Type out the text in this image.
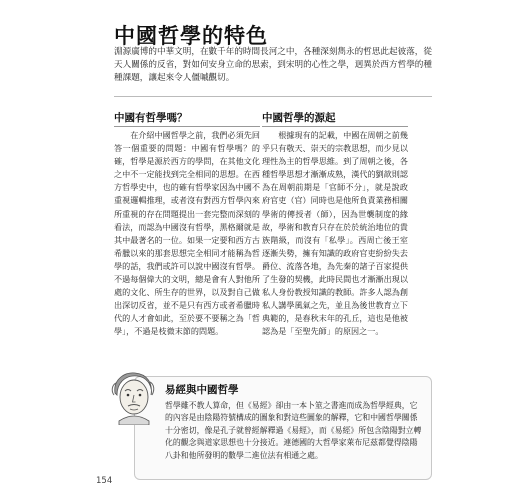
中國哲學的特色
淵源廣博的中華文明，在數千年的時間長河之中，各種深刻雋永的哲思此起彼落，從天人關係的反省，對如何安身立命的思索，到宋明的心性之學，迥異於西方哲學的種種課題，讓起來令人僵嘁觀切。
中國有哲學嗎？

在介紹中國哲學之前，我們必須先回答一個重要的問題：中國有哲學嗎？的確，哲學是源於西方的學問，在其他文化之中不一定能找到完全相同的思想。在西方哲學史中，也的確有哲學家因為中國不重視邏輯推理，或者沒有對西方哲學內來所重視的存在問題提出一套完整而深刻的看法，而認為中國沒有哲學，黑格爾就是其中最著名的一位。如果一定要和西方古希臘以來的那套思想完全相同才能稱為哲學的話，我們或許可以說中國沒有哲學。不過每個偉大的文明，總是會有人對他所處的文化、所生存的世界，以及對自己做出深切反省，並不是只有西方或者希臘時代的人才會如此，至於要不要稱之為「哲學」，不過是枝微末節的問題。

中國哲學的源起

根據現有的記載，中國在周朝之前幾乎只有敬天、崇天的宗教思想，而少見以理性為主的哲學思維。到了周朝之後，各種哲學思想才漸漸成熟，漢代的劉歆則認為在周朝前期是「官師不分」，就是說政府官吏（官）同時也是他所負責業務相關學術的傳授者（師），因為世襲制度的緣故，學術和教育只存在於於統治地位的貴族階級，而沒有「私學」。西周亡後王室逐漸失勢，擁有知識的政府官吏紛紛失去爵位、流落各地，為先秦的諸子百家提供了生發的契機，此時民間也才漸漸出現以私人身份教授知識的教師。許多人認為創私人講學風氣之先，並且為後世教育立下典範的，是春秋末年的孔丘，這也是他被認為是「至聖先師」的原因之一。

易經與中國哲學
哲學雖不教人算命，但《易經》卻由一本卜筮之書進而成為哲學經典，它的內容是由陰陽符號構成的圖象和對這些圖象的解釋，它和中國哲學關係十分密切，像是孔子就曾經解釋過《易經》，而《易經》所包含陰陽對立轉化的觀念與道家思想也十分接近。連德國的大哲學家萊布尼茲都覺得陰陽八卦和他所發明的數學二進位法有相通之處。
154
